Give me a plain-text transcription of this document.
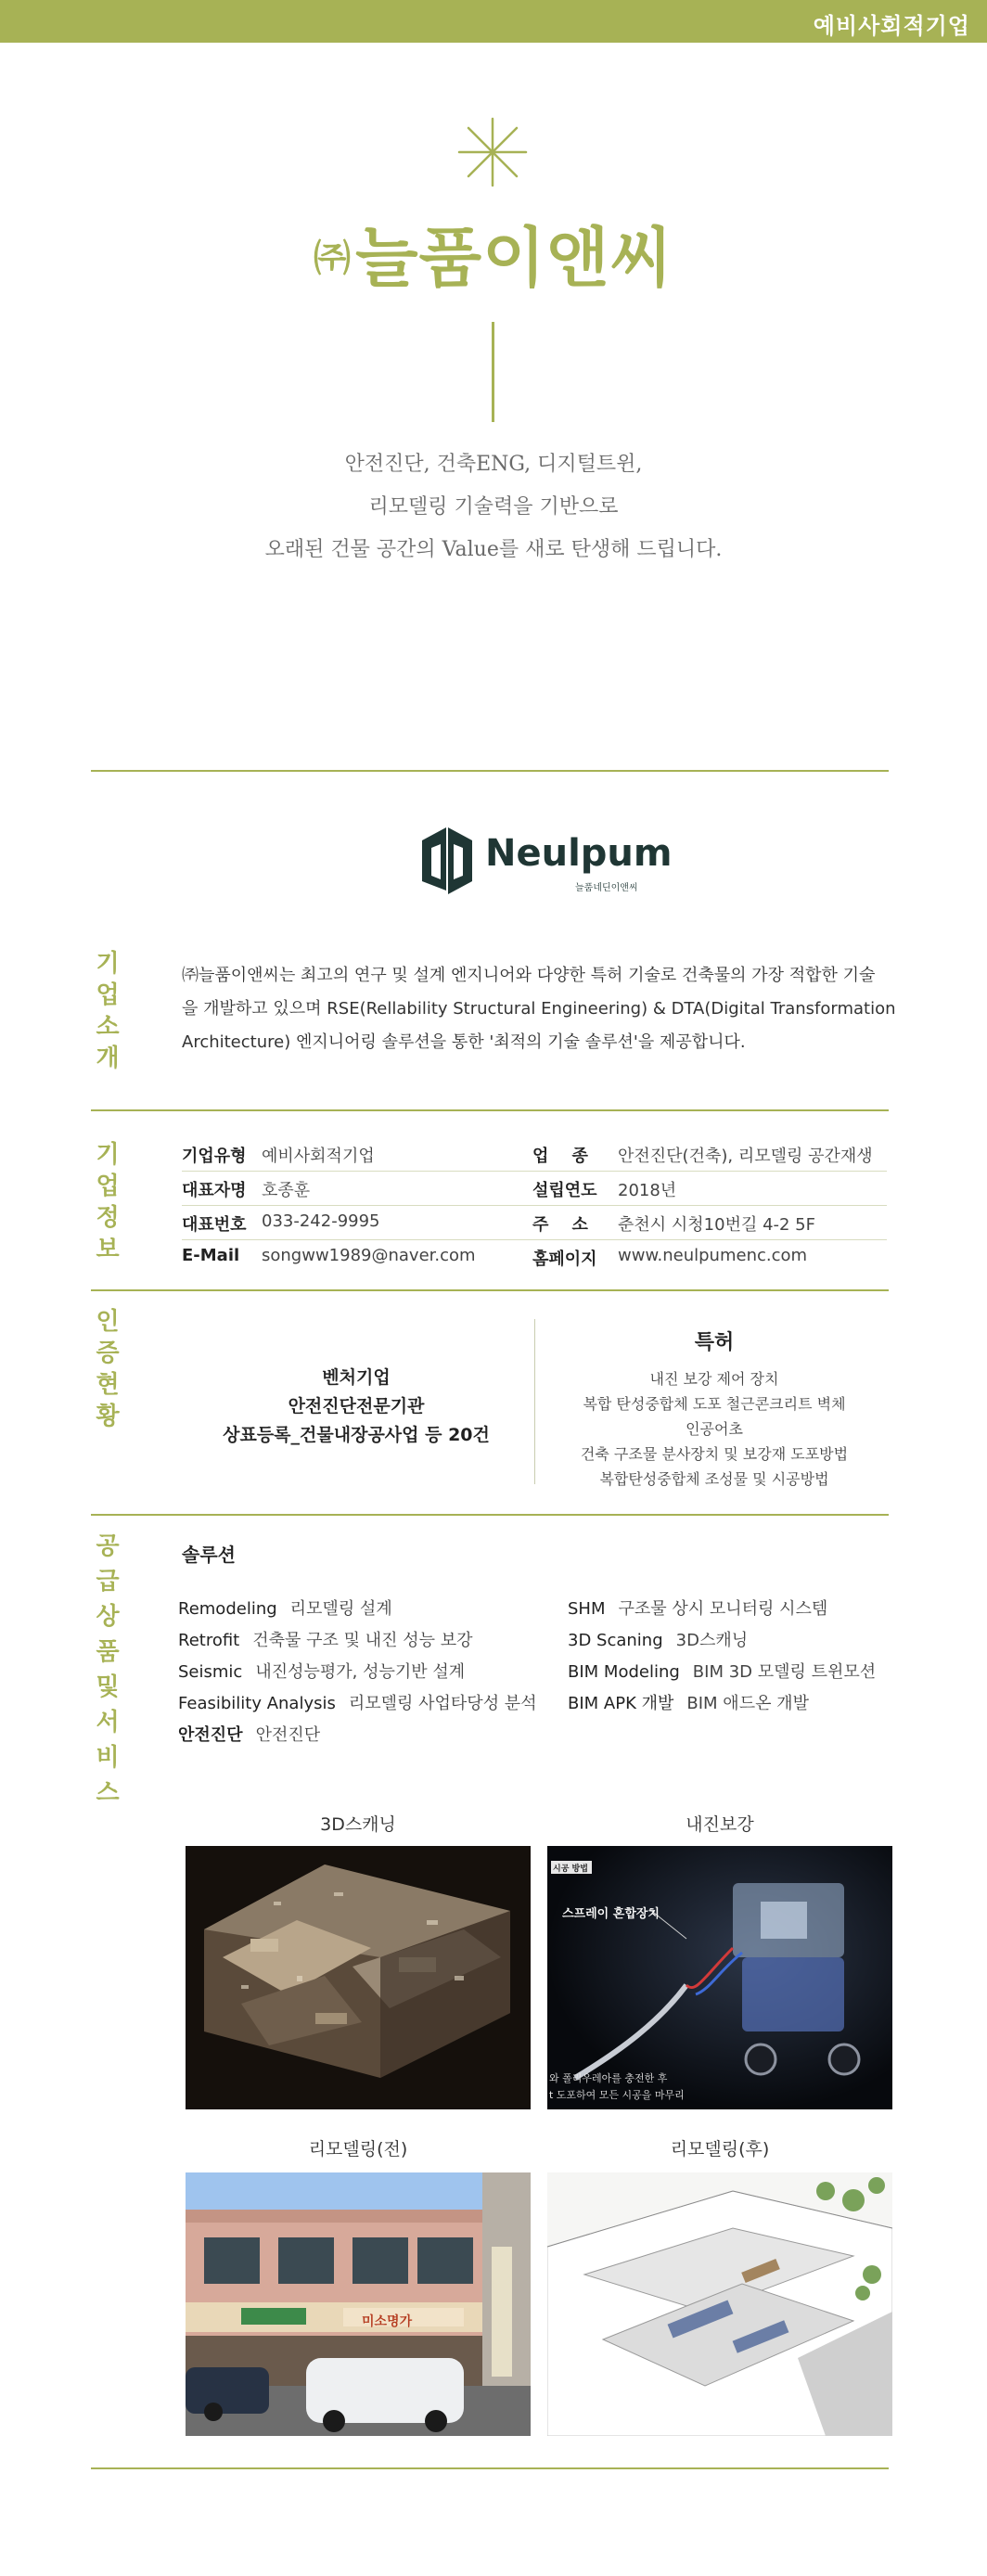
예비사회적기업
㈜늘품이앤씨
안전진단, 건축ENG, 디지털트윈,
리모델링 기술력을 기반으로
오래된 건물 공간의 Value를 새로 탄생해 드립니다.
Neulpum
늘품네딘이앤씨
기업소개
㈜늘품이앤씨는 최고의 연구 및 설계 엔지니어와 다양한 특허 기술로 건축물의 가장 적합한 기술
을 개발하고 있으며 RSE(Rellability Structural Engineering) & DTA(Digital Transformation
Architecture) 엔지니어링 솔루션을 통한 '최적의 기술 솔루션'을 제공합니다.
기업정보
기업유형 예비사회적기업	업    종 안전진단(건축), 리모델링 공간재생
대표자명 호종훈	설립연도 2018년
대표번호 033-242-9995	주    소 춘천시 시청10번길 4-2 5F
E-Mail songww1989@naver.com	홈페이지 www.neulpumenc.com
인증현황
벤처기업
안전진단전문기관
상표등록_건물내장공사업 등 20건
특허
내진 보강 제어 장치
복합 탄성중합체 도포 철근콘크리트 벽체
인공어초
건축 구조물 분사장치 및 보강재 도포방법
복합탄성중합체 조성물 및 시공방법
공급상품및서비스
솔루션
Remodeling 리모델링 설계
Retrofit 건축물 구조 및 내진 성능 보강
Seismic 내진성능평가, 성능기반 설계
Feasibility Analysis 리모델링 사업타당성 분석
안전진단 안전진단
SHM 구조물 상시 모니터링 시스템
3D Scaning 3D스캐닝
BIM Modeling BIM 3D 모델링 트윈모션
BIM APK 개발 BIM 애드온 개발
3D스캐닝	내진보강
리모델링(전)	리모델링(후)
시공 방법
스프레이 혼합장치
와 폴리우레아를 충전한 후
t 도포하여 모든 시공을 마무리
미소명가
